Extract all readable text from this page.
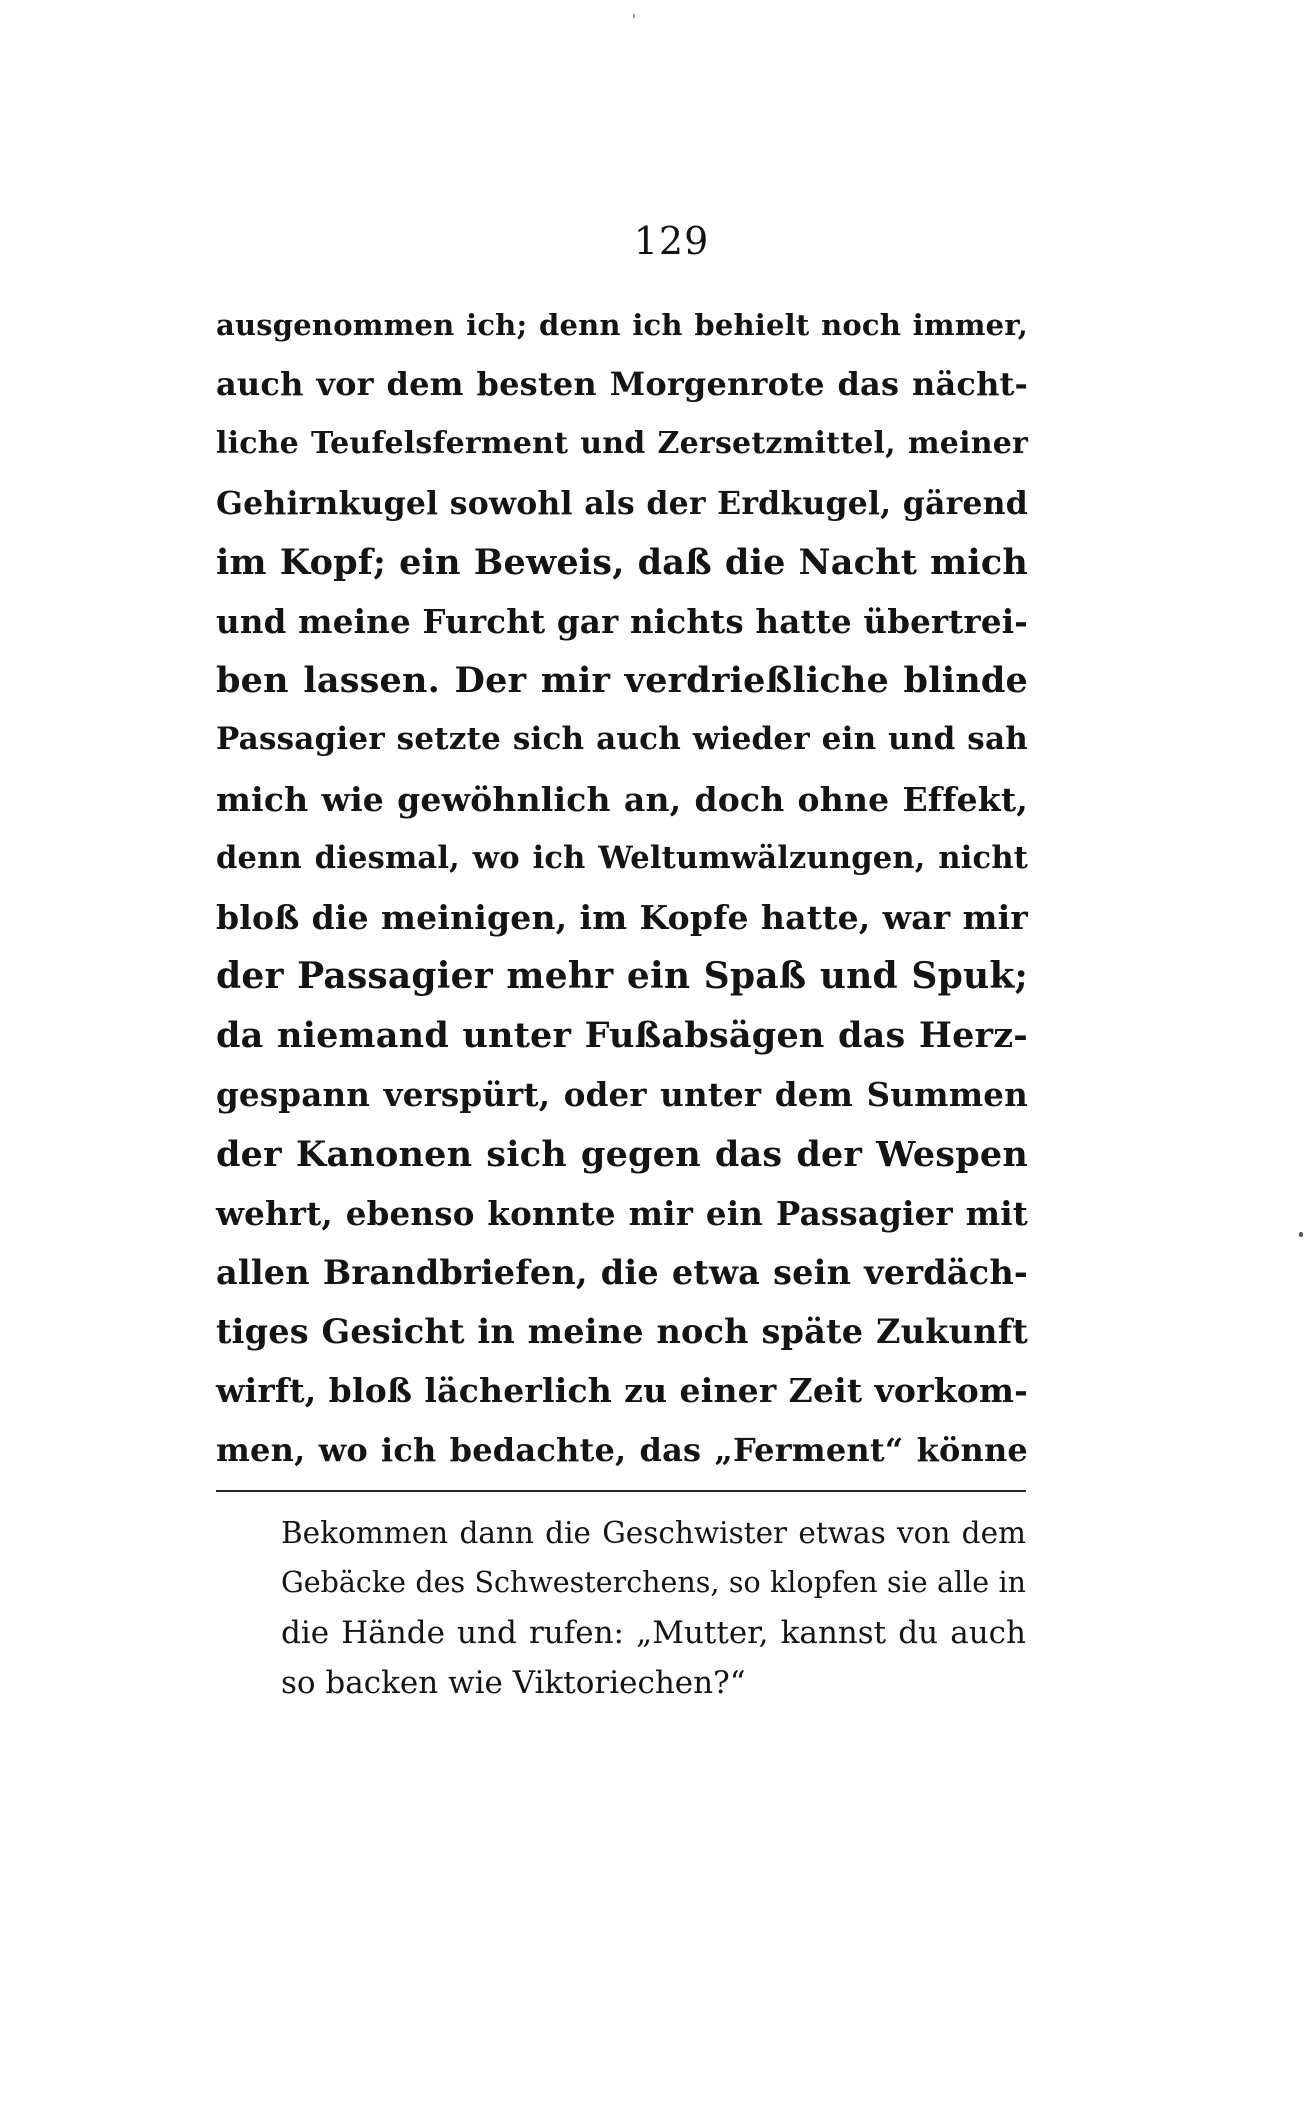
129
ausgenommen ich; denn ich behielt noch immer,
auch vor dem besten Morgenrote das nächt-
liche Teufelsferment und Zersetzmittel, meiner
Gehirnkugel sowohl als der Erdkugel, gärend
im Kopf; ein Beweis, daß die Nacht mich
und meine Furcht gar nichts hatte übertrei-
ben lassen. Der mir verdrießliche blinde
Passagier setzte sich auch wieder ein und sah
mich wie gewöhnlich an, doch ohne Effekt,
denn diesmal, wo ich Weltumwälzungen, nicht
bloß die meinigen, im Kopfe hatte, war mir
der Passagier mehr ein Spaß und Spuk;
da niemand unter Fußabsägen das Herz-
gespann verspürt, oder unter dem Summen
der Kanonen sich gegen das der Wespen
wehrt, ebenso konnte mir ein Passagier mit
allen Brandbriefen, die etwa sein verdäch-
tiges Gesicht in meine noch späte Zukunft
wirft, bloß lächerlich zu einer Zeit vorkom-
men, wo ich bedachte, das „Ferment“ könne
Bekommen dann die Geschwister etwas von dem
Gebäcke des Schwesterchens, so klopfen sie alle in
die Hände und rufen: „Mutter, kannst du auch
so backen wie Viktoriechen?“
